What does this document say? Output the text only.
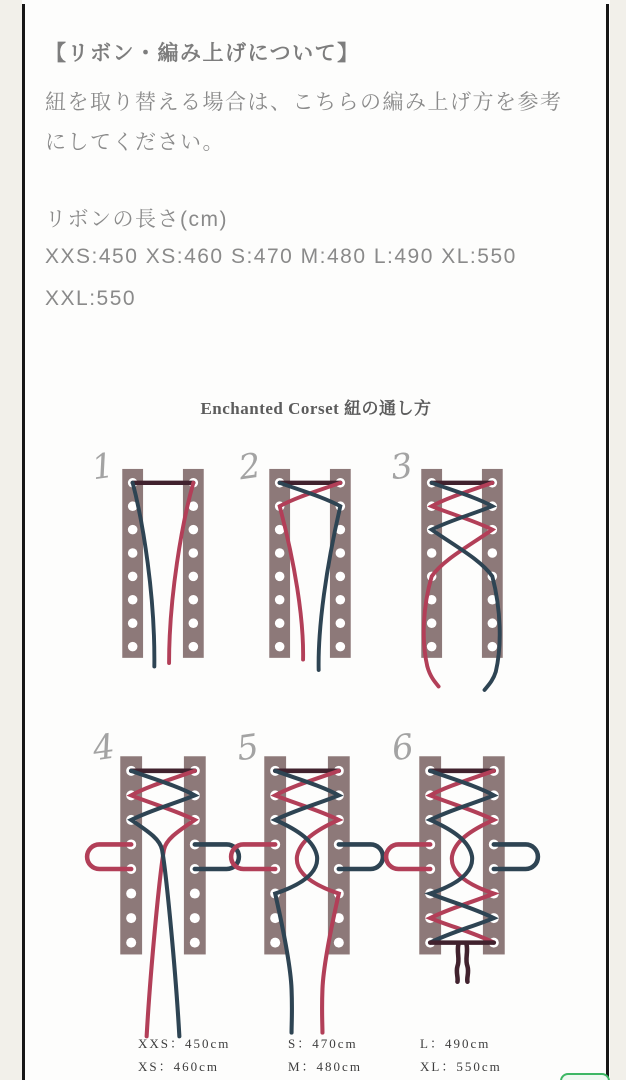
【リボン・編み上げについて】
紐を取り替える場合は、こちらの編み上げ方を参考
にしてください。
リボンの長さ(cm)
XXS:450 XS:460 S:470 M:480 L:490 XL:550
XXL:550
Enchanted Corset 紐の通し方
1	2	3
4	5	6
XXS：450cm
XS：460cm
S：470cm
M：480cm
L：490cm
XL：550cm
